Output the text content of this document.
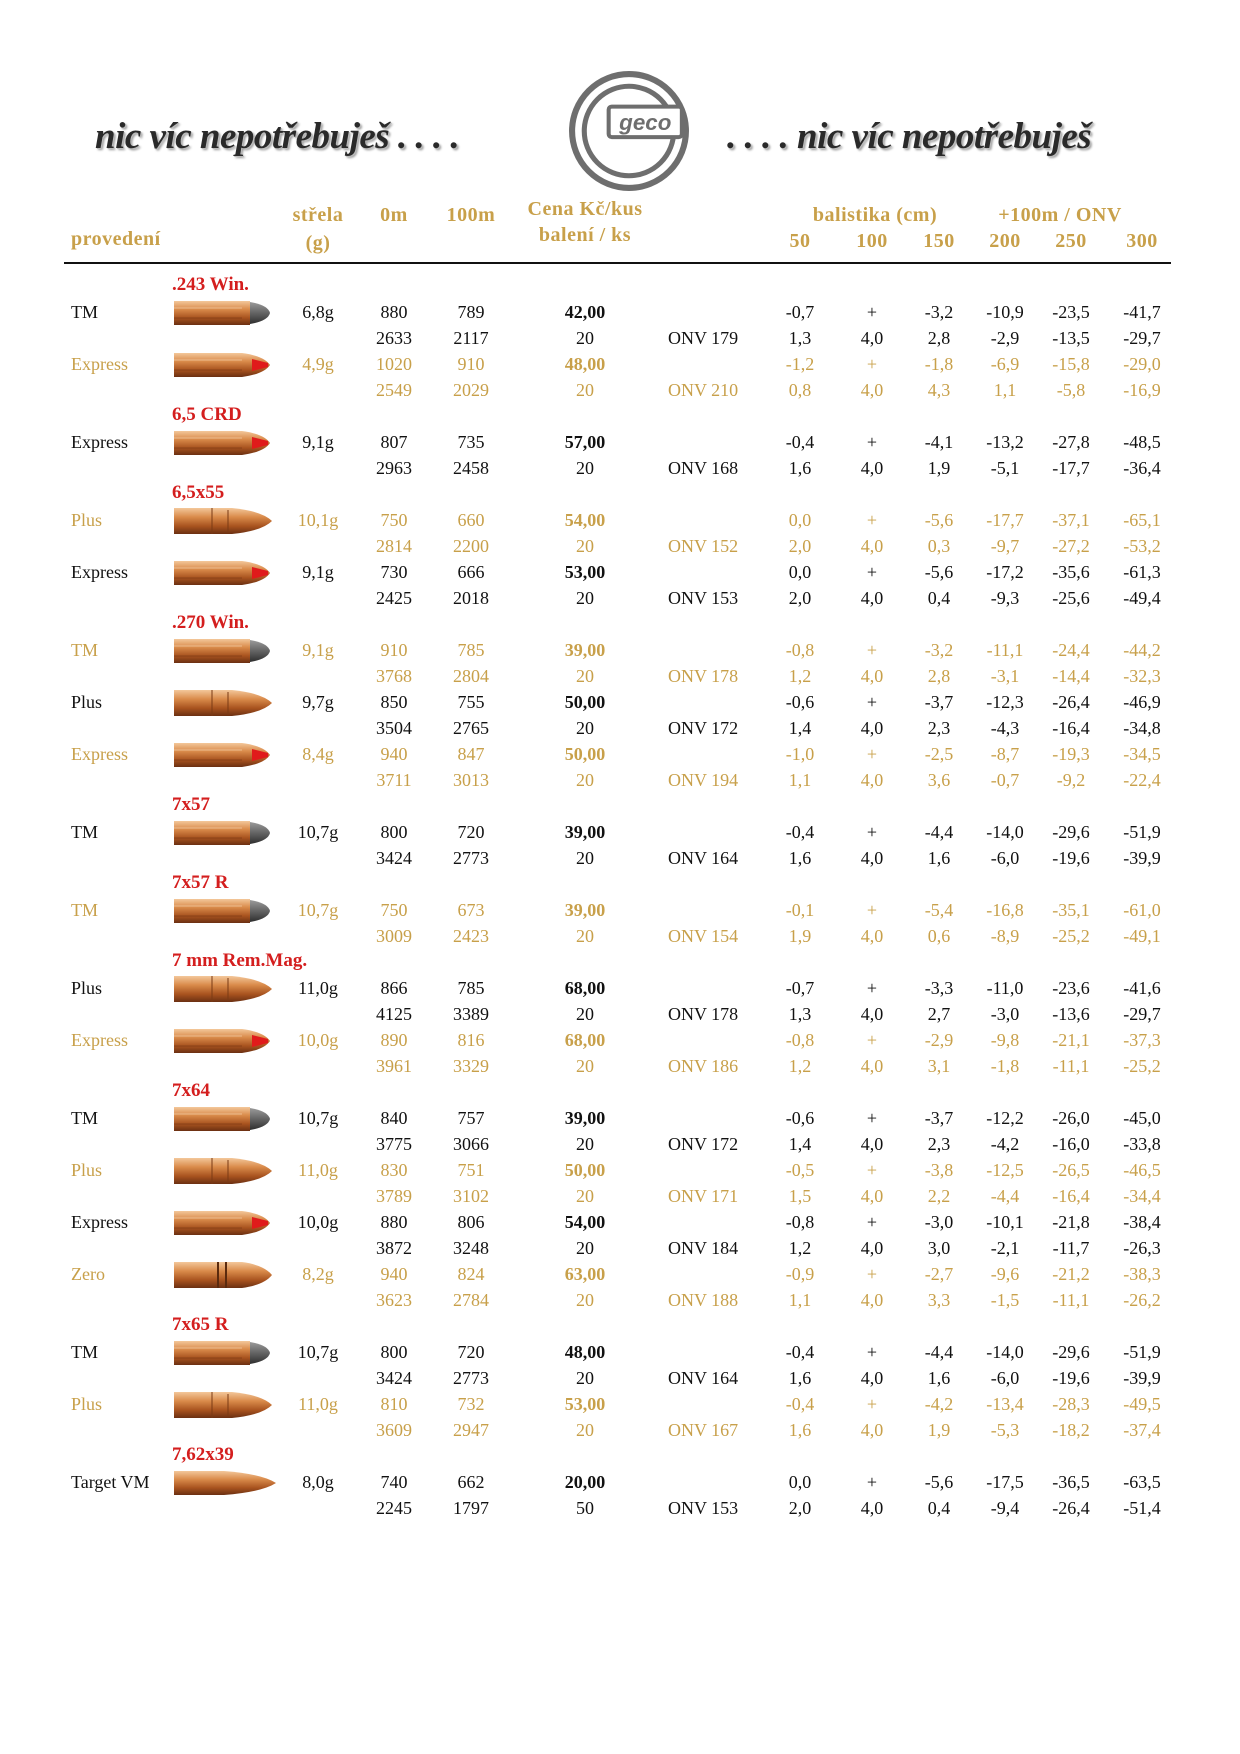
nic víc nepotřebuješ . . . .	geco . . . . nic víc nepotřebuješ
provedení
střela
(g)
0m	100m	Cena Kč/kus
balení / ks
balistika (cm)	+100m / ONV
50	100	150	200	250	300
.243 Win.
TM	6,8g	880	789	42,00	-0,7	+	-3,2	-10,9	-23,5	-41,7
2633	2117	20	ONV 179	1,3	4,0	2,8	-2,9	-13,5	-29,7
Express	4,9g	1020	910	48,00	-1,2	+	-1,8	-6,9	-15,8	-29,0
2549	2029	20	ONV 210	0,8	4,0	4,3	1,1	-5,8	-16,9
6,5 CRD
Express	9,1g	807	735	57,00	-0,4	+	-4,1	-13,2	-27,8	-48,5
2963	2458	20	ONV 168	1,6	4,0	1,9	-5,1	-17,7	-36,4
6,5x55
Plus	10,1g	750	660	54,00	0,0	+	-5,6	-17,7	-37,1	-65,1
2814	2200	20	ONV 152	2,0	4,0	0,3	-9,7	-27,2	-53,2
Express	9,1g	730	666	53,00	0,0	+	-5,6	-17,2	-35,6	-61,3
2425	2018	20	ONV 153	2,0	4,0	0,4	-9,3	-25,6	-49,4
.270 Win.
TM	9,1g	910	785	39,00	-0,8	+	-3,2	-11,1	-24,4	-44,2
3768	2804	20	ONV 178	1,2	4,0	2,8	-3,1	-14,4	-32,3
Plus	9,7g	850	755	50,00	-0,6	+	-3,7	-12,3	-26,4	-46,9
3504	2765	20	ONV 172	1,4	4,0	2,3	-4,3	-16,4	-34,8
Express	8,4g	940	847	50,00	-1,0	+	-2,5	-8,7	-19,3	-34,5
3711	3013	20	ONV 194	1,1	4,0	3,6	-0,7	-9,2	-22,4
7x57
TM	10,7g	800	720	39,00	-0,4	+	-4,4	-14,0	-29,6	-51,9
3424	2773	20	ONV 164	1,6	4,0	1,6	-6,0	-19,6	-39,9
7x57 R
TM	10,7g	750	673	39,00	-0,1	+	-5,4	-16,8	-35,1	-61,0
3009	2423	20	ONV 154	1,9	4,0	0,6	-8,9	-25,2	-49,1
7 mm Rem.Mag.
Plus	11,0g	866	785	68,00	-0,7	+	-3,3	-11,0	-23,6	-41,6
4125	3389	20	ONV 178	1,3	4,0	2,7	-3,0	-13,6	-29,7
Express	10,0g	890	816	68,00	-0,8	+	-2,9	-9,8	-21,1	-37,3
3961	3329	20	ONV 186	1,2	4,0	3,1	-1,8	-11,1	-25,2
7x64
TM	10,7g	840	757	39,00	-0,6	+	-3,7	-12,2	-26,0	-45,0
3775	3066	20	ONV 172	1,4	4,0	2,3	-4,2	-16,0	-33,8
Plus	11,0g	830	751	50,00	-0,5	+	-3,8	-12,5	-26,5	-46,5
3789	3102	20	ONV 171	1,5	4,0	2,2	-4,4	-16,4	-34,4
Express	10,0g	880	806	54,00	-0,8	+	-3,0	-10,1	-21,8	-38,4
3872	3248	20	ONV 184	1,2	4,0	3,0	-2,1	-11,7	-26,3
Zero	8,2g	940	824	63,00	-0,9	+	-2,7	-9,6	-21,2	-38,3
3623	2784	20	ONV 188	1,1	4,0	3,3	-1,5	-11,1	-26,2
7x65 R
TM	10,7g	800	720	48,00	-0,4	+	-4,4	-14,0	-29,6	-51,9
3424	2773	20	ONV 164	1,6	4,0	1,6	-6,0	-19,6	-39,9
Plus	11,0g	810	732	53,00	-0,4	+	-4,2	-13,4	-28,3	-49,5
3609	2947	20	ONV 167	1,6	4,0	1,9	-5,3	-18,2	-37,4
7,62x39
Target VM	8,0g	740	662	20,00	0,0	+	-5,6	-17,5	-36,5	-63,5
2245	1797	50	ONV 153	2,0	4,0	0,4	-9,4	-26,4	-51,4
